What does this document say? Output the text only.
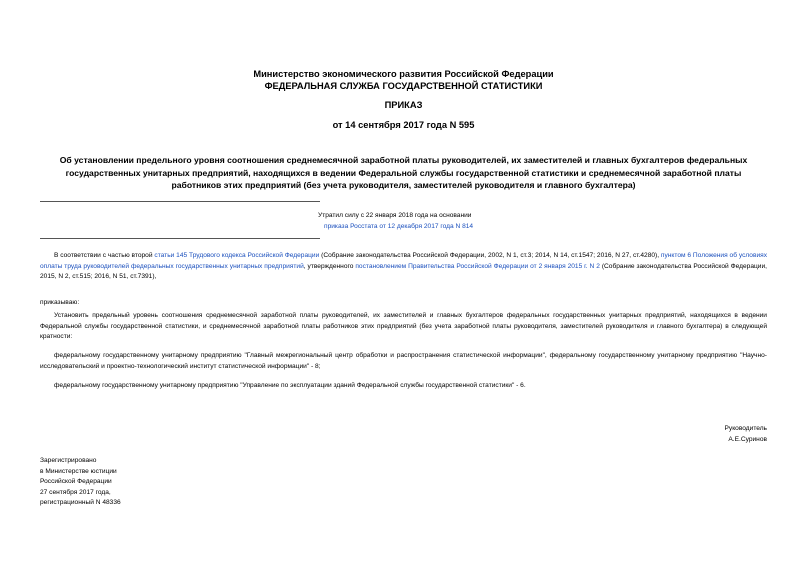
Министерство экономического развития Российской Федерации
ФЕДЕРАЛЬНАЯ СЛУЖБА ГОСУДАРСТВЕННОЙ СТАТИСТИКИ
ПРИКАЗ
от 14 сентября 2017 года N 595
Об установлении предельного уровня соотношения среднемесячной заработной платы руководителей, их заместителей и главных бухгалтеров федеральных государственных унитарных предприятий, находящихся в ведении Федеральной службы государственной статистики и среднемесячной заработной платы работников этих предприятий (без учета руководителя, заместителей руководителя и главного бухгалтера)
Утратил силу с 22 января 2018 года на основании
приказа Росстата от 12 декабря 2017 года N 814
В соответствии с частью второй статьи 145 Трудового кодекса Российской Федерации (Собрание законодательства Российской Федерации, 2002, N 1, ст.3; 2014, N 14, ст.1547; 2016, N 27, ст.4280), пунктом 6 Положения об условиях оплаты труда руководителей федеральных государственных унитарных предприятий, утвержденного постановлением Правительства Российской Федерации от 2 января 2015 г. N 2 (Собрание законодательства Российской Федерации, 2015, N 2, ст.515; 2016, N 51, ст.7391),
приказываю:
Установить предельный уровень соотношения среднемесячной заработной платы руководителей, их заместителей и главных бухгалтеров федеральных государственных унитарных предприятий, находящихся в ведении Федеральной службы государственной статистики, и среднемесячной заработной платы работников этих предприятий (без учета заработной платы руководителя, заместителей руководителя и главного бухгалтера) в следующей кратности:
федеральному государственному унитарному предприятию "Главный межрегиональный центр обработки и распространения статистической информации", федеральному государственному унитарному предприятию "Научно-исследовательский и проектно-технологический институт статистической информации" - 8;
федеральному государственному унитарному предприятию "Управление по эксплуатации зданий Федеральной службы государственной статистики" - 6.
Руководитель
А.Е.Суринов
Зарегистрировано
в Министерстве юстиции
Российской Федерации
27 сентября 2017 года,
регистрационный N 48336
